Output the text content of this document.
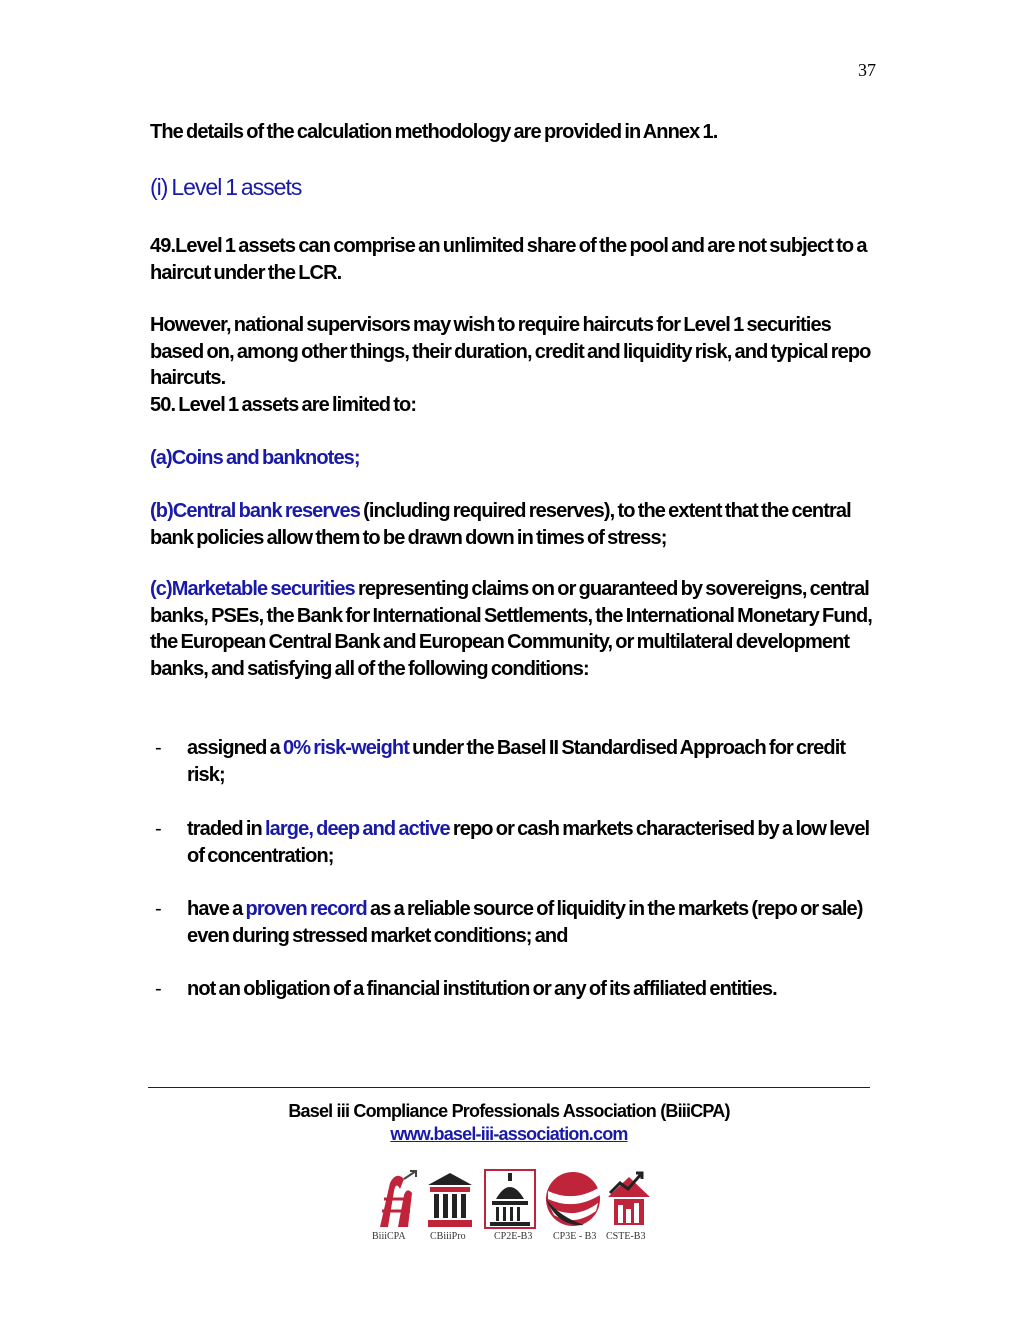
37
The details of the calculation methodology are provided in Annex 1.
(i) Level 1 assets
49.Level 1 assets can comprise an unlimited share of the pool and are not subject to a haircut under the LCR.
However, national supervisors may wish to require haircuts for Level 1 securities based on, among other things, their duration, credit and liquidity risk, and typical repo haircuts.
50. Level 1 assets are limited to:
(a)Coins and banknotes;
(b)Central bank reserves (including required reserves), to the extent that the central bank policies allow them to be drawn down in times of stress;
(c)Marketable securities representing claims on or guaranteed by sovereigns, central banks, PSEs, the Bank for International Settlements, the International Monetary Fund, the European Central Bank and European Community, or multilateral development banks, and satisfying all of the following conditions:
- assigned a 0% risk-weight under the Basel II Standardised Approach for credit risk;
- traded in large, deep and active repo or cash markets characterised by a low level of concentration;
- have a proven record as a reliable source of liquidity in the markets (repo or sale) even during stressed market conditions; and
- not an obligation of a financial institution or any of its affiliated entities.
Basel iii Compliance Professionals Association (BiiiCPA)
www.basel-iii-association.com
BiiiCPA CBiiiPro	CP2E-B3 CP3E - B3 CSTE-B3
